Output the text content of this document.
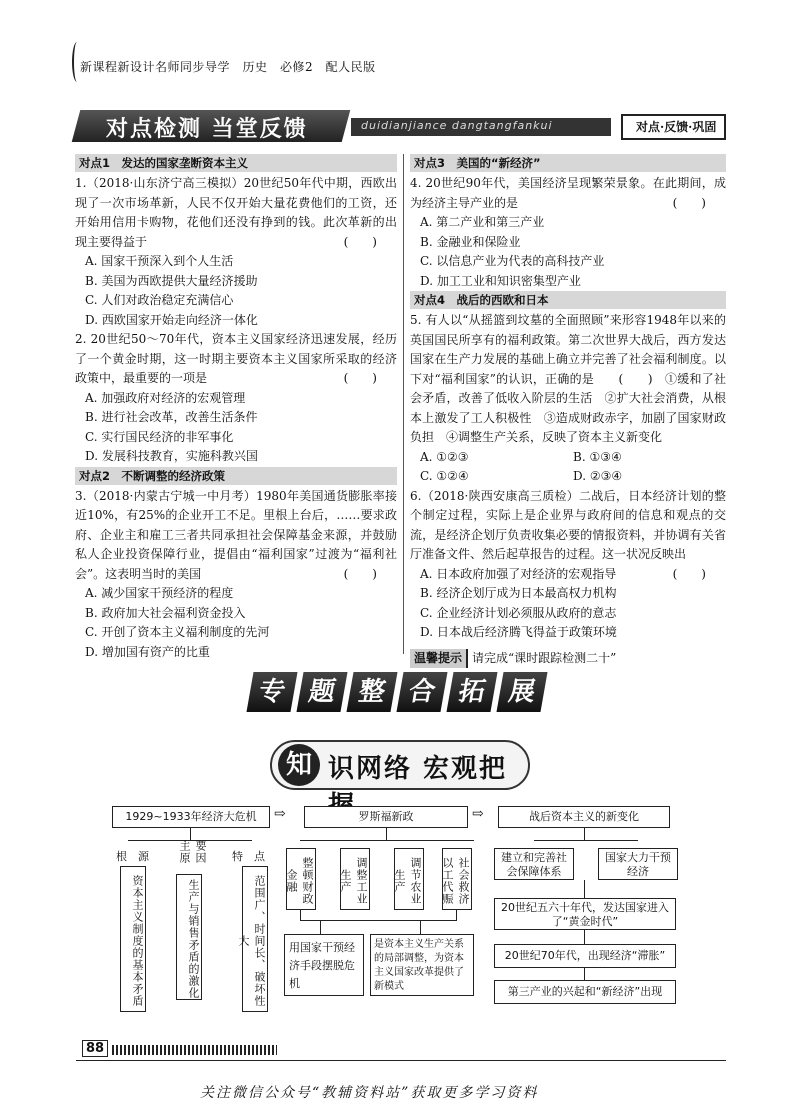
新课程新设计名师同步导学　历史　必修2　配人民版
对点检测 当堂反馈	duidianjiance dangtangfankui	对点·反馈·巩固
对点1　发达的国家垄断资本主义
1.（2018·山东济宁高三模拟）20世纪50年代中期，西欧出现了一次市场革新，人民不仅开始大量花费他们的工资，还开始用信用卡购物，花他们还没有挣到的钱。此次革新的出现主要得益于	(　　)
A. 国家干预深入到个人生活
B. 美国为西欧提供大量经济援助
C. 人们对政治稳定充满信心
D. 西欧国家开始走向经济一体化
2. 20世纪50～70年代，资本主义国家经济迅速发展，经历了一个黄金时期，这一时期主要资本主义国家所采取的经济政策中，最重要的一项是	(　　)
A. 加强政府对经济的宏观管理
B. 进行社会改革，改善生活条件
C. 实行国民经济的非军事化
D. 发展科技教育，实施科教兴国
对点2　不断调整的经济政策
3.（2018·内蒙古宁城一中月考）1980年美国通货膨胀率接近10%，有25%的企业开工不足。里根上台后，……要求政府、企业主和雇工三者共同承担社会保障基金来源，并鼓励私人企业投资保障行业，提倡由“福利国家”过渡为“福利社会”。这表明当时的美国	(　　)
A. 减少国家干预经济的程度
B. 政府加大社会福利资金投入
C. 开创了资本主义福利制度的先河
D. 增加国有资产的比重
对点3　美国的“新经济”
4. 20世纪90年代，美国经济呈现繁荣景象。在此期间，成为经济主导产业的是	(　　)
A. 第二产业和第三产业
B. 金融业和保险业
C. 以信息产业为代表的高科技产业
D. 加工工业和知识密集型产业
对点4　战后的西欧和日本
5. 有人以“从摇篮到坟墓的全面照顾”来形容1948年以来的英国国民所享有的福利政策。第二次世界大战后，西方发达国家在生产力发展的基础上确立并完善了社会福利制度。以下对“福利国家”的认识，正确的是　　(　　)　①缓和了社会矛盾，改善了低收入阶层的生活　②扩大社会消费，从根本上激发了工人积极性　③造成财政赤字，加剧了国家财政负担　④调整生产关系，反映了资本主义新变化
A. ①②③	B. ①③④
C. ①②④	D. ②③④
6.（2018·陕西安康高三质检）二战后，日本经济计划的整个制定过程，实际上是企业界与政府间的信息和观点的交流，是经济企划厅负责收集必要的情报资料，并协调有关省厅准备文件、然后起草报告的过程。这一状况反映出
(　　)
A. 日本政府加强了对经济的宏观指导
B. 经济企划厅成为日本最高权力机构
C. 企业经济计划必须服从政府的意志
D. 日本战后经济腾飞得益于政策环境
温馨提示 请完成“课时跟踪检测二十”
专 题 整 合 拓 展
知 识网络 宏观把
1929~1933年经济大危机	⇨	罗斯福新政	⇨	战后资本主义的新变化
根　源	主原 要因 特　点
资本主义制度的基本矛盾	生产与销售矛盾的激化	范围广、时间长、破坏性大
整顿财政金融	调整工业生产	调节农业生产	社会救济以工代赈
用国家干预经济手段摆脱危机
是资本主义生产关系的局部调整，为资本主义国家改革提供了新模式
建立和完善社会保障体系
国家大力干预经济
20世纪五六十年代，发达国家进入了“黄金时代”
20世纪70年代，出现经济“滞胀”
第三产业的兴起和“新经济”出现
88
关注微信公众号“教辅资料站”获取更多学习资料
